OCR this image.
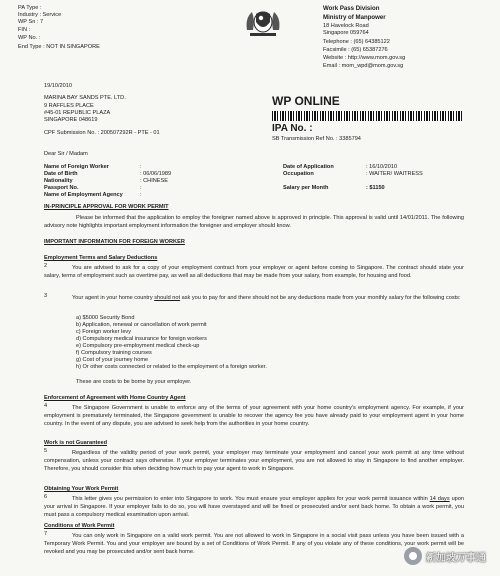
PA Type :
Industry : Service
WP Sn : 7
FIN :
WP No. :
End Type : NOT IN SINGAPORE
Work Pass Division
Ministry of Manpower
18 Havelock Road
Singapore 059764
Telephone : (65) 64385122
Facsimile : (65) 65387276
Website : http://www.mom.gov.sg
Email : mom_wpd@mom.gov.sg
19/10/2010
MARINA BAY SANDS PTE. LTD.
9 RAFFLES PLACE
#45-01 REPUBLIC PLAZA
SINGAPORE 048619
CPF Submission No. : 200507292R - PTE - 01
WP ONLINE
IPA No. :
SB Transmission Ref No. : 3385794
Dear Sir / Madam
Name of Foreign Worker	:
Date of Birth	: 06/06/1989
Nationality	: CHINESE
Passport No.	:
Name of Employment Agency	:
Date of Application	: 16/10/2010
Occupation	: WAITER/ WAITRESS
Salary per Month	: $1150
IN-PRINCIPLE APPROVAL FOR WORK PERMIT
Please be informed that the application to employ the foreigner named above is approved in principle. This approval is valid until 14/01/2011. The following advisory note highlights important employment information the foreigner and employer should know.
IMPORTANT INFORMATION FOR FOREIGN WORKER
Employment Terms and Salary Deductions
2	You are advised to ask for a copy of your employment contract from your employer or agent before coming to Singapore. The contract should state your salary, terms of employment such as overtime pay, as well as all deductions that may be made from your salary, from example, for housing and food.
3	Your agent in your home country should not ask you to pay for and there should not be any deductions made from your monthly salary for the following costs:
a) $5000 Security Bond
b) Application, renewal or cancellation of work permit
c) Foreign worker levy
d) Compulsory medical insurance for foreign workers
e) Compulsory pre-employment medical check-up
f) Compulsory training courses
g) Cost of your journey home
h) Or other costs connected or related to the employment of a foreign worker.
These are costs to be borne by your employer.
Enforcement of Agreement with Home Country Agent
4	The Singapore Government is unable to enforce any of the terms of your agreement with your home country's employment agency. For example, if your employment is prematurely terminated, the Singapore government is unable to recover the agency fee you have already paid to your employment agent in your home country. In the event of any dispute, you are advised to seek help from the authorities in your home country.
Work is not Guaranteed
5	Regardless of the validity period of your work permit, your employer may terminate your employment and cancel your work permit at any time without compensation, unless your contract says otherwise. If your employer terminates your employment, you are not allowed to stay in Singapore to find another employer. Therefore, you should consider this when deciding how much to pay your agent to work in Singapore.
Obtaining Your Work Permit
6	This letter gives you permission to enter into Singapore to work. You must ensure your employer applies for your work permit issuance within 14 days upon your arrival in Singapore. If your employer fails to do so, you will have overstayed and will be fined or prosecuted and/or sent back home. To obtain a work permit, you must pass a compulsory medical examination upon arrival.
Conditions of Work Permit
7	You can only work in Singapore on a valid work permit. You are not allowed to work in Singapore in a social visit pass unless you have been issued with a Temporary Work Permit. You and your employer are bound by a set of Conditions of Work Permit. If any of you violate any of these conditions, your work permit will be revoked and you may be prosecuted and/or sent back home.
新加坡万事通
